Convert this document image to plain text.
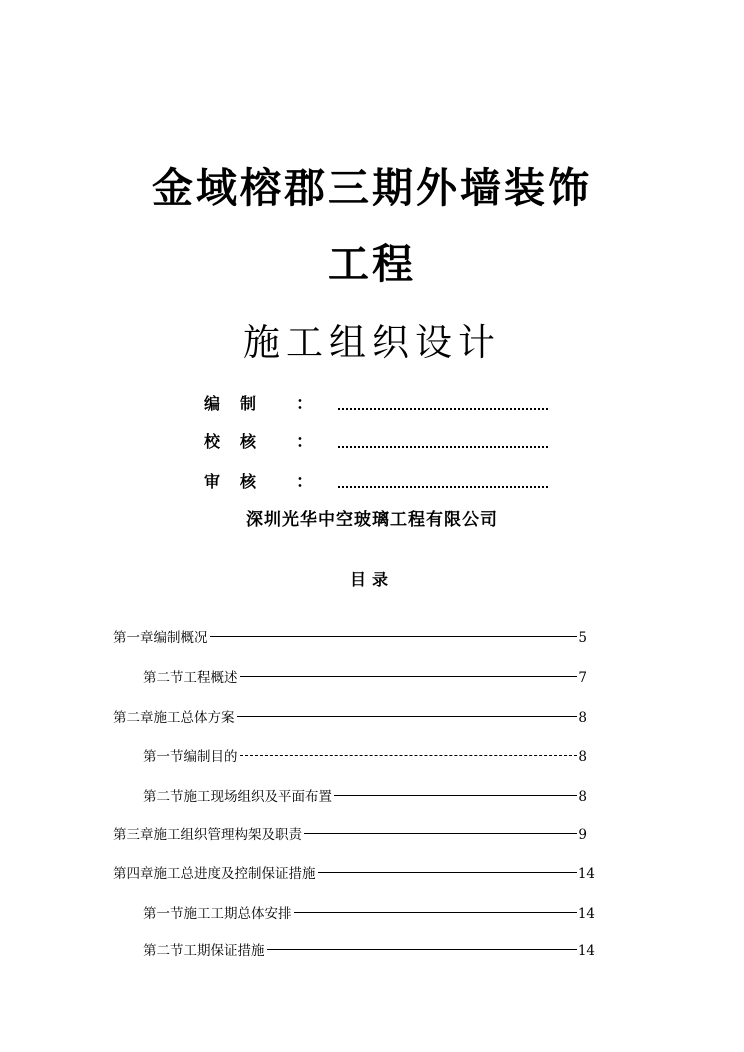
金域榕郡三期外墙装饰
工程
施工组织设计
编制 ：
校核 ：
审核 ：
深圳光华中空玻璃工程有限公司
目录
第一章编制概况	5
第二节工程概述	7
第二章施工总体方案	8
第一节编制目的	8
第二节施工现场组织及平面布置	8
第三章施工组织管理构架及职责	9
第四章施工总进度及控制保证措施	14
第一节施工工期总体安排	14
第二节工期保证措施	14
